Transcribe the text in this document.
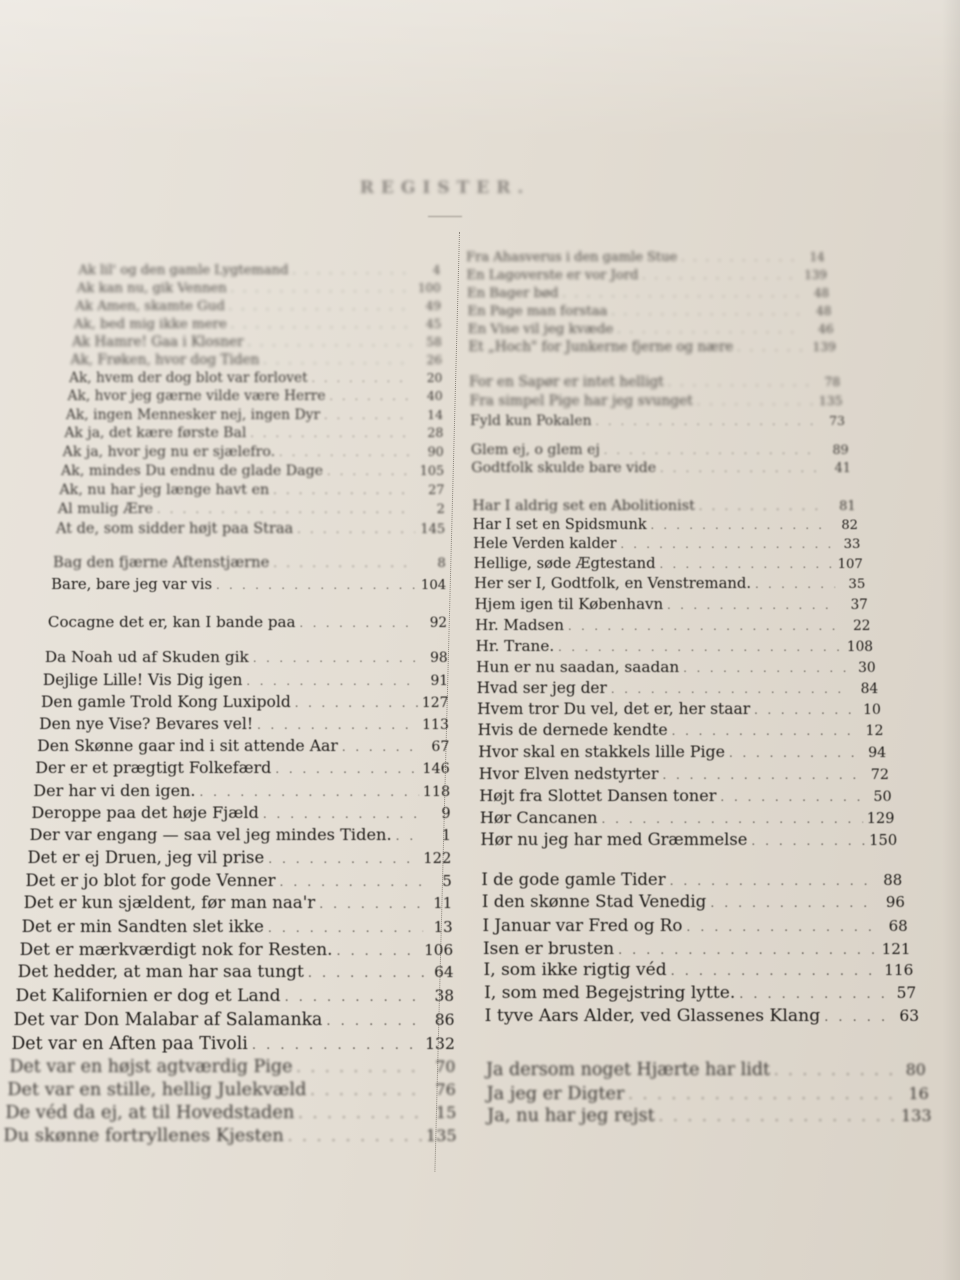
REGISTER.
Ak lil' og den gamle Lygtemand . . .	4
Ak kan nu, gik Vennen . . .	100
Ak Amen, skamte Gud . . .	49
Ak, bed mig ikke mere . . .	45
Ak Hamre! Gaa i Klosner . . .	58
Ak, Frøken, hvor dog Tiden . . .	26
Ak, hvem der dog blot var forlovet . . .	20
Ak, hvor jeg gærne vilde være Herre . . .	40
Ak, ingen Mennesker nej, ingen Dyr . . .	14
Ak ja, det kære første Bal . . .	28
Ak ja, hvor jeg nu er sjælefro. . . .	90
Ak, mindes Du endnu de glade Dage . . .	105
Ak, nu har jeg længe havt en . . .	27
Al mulig Ære . . .	2
At de, som sidder højt paa Straa . . .	145
Bag den fjærne Aftenstjærne . . .	8
Bare, bare jeg var vis . . .	104
Cocagne det er, kan I bande paa . . .	92
Da Noah ud af Skuden gik . . .	98
Dejlige Lille! Vis Dig igen . . .	91
Den gamle Trold Kong Luxipold . . .	127
Den nye Vise? Bevares vel! . . .	113
Den Skønne gaar ind i sit attende Aar . . .	67
Der er et prægtigt Folkefærd . . .	146
Der har vi den igen. . . .	118
Deroppe paa det høje Fjæld . . .	9
Der var engang — saa vel jeg mindes Tiden. . . .	1
Det er ej Druen, jeg vil prise . . .	122
Det er jo blot for gode Venner . . .	5
Det er kun sjældent, før man naa'r . . .	11
Det er min Sandten slet ikke . . .	13
Det er mærkværdigt nok for Resten. . . .	106
Det hedder, at man har saa tungt . . .	64
Det Kalifornien er dog et Land . . .	38
Det var Don Malabar af Salamanka . . .	86
Det var en Aften paa Tivoli . . .	132
Det var en højst agtværdig Pige . . .	70
Det var en stille, hellig Julekvæld . . .	76
De véd da ej, at til Hovedstaden . . .	15
Du skønne fortryllenes Kjesten . . .	135
Fra Ahasverus i den gamle Stue . . .	14
En Lagoverste er vor Jord . . .	139
En Bager bød . . .	48
En Page man forstaa . . .	48
En Vise vil jeg kvæde . . .	46
Et „Hoch" for Junkerne fjerne og nære . . .	139
For en Sapør er intet helligt . . .	78
Fra simpel Pige har jeg svunget . . .	135
Fyld kun Pokalen . . .	73
Glem ej, o glem ej . . .	89
Godtfolk skulde bare vide . . .	41
Har I aldrig set en Abolitionist . . .	81
Har I set en Spidsmunk . . .	82
Hele Verden kalder . . .	33
Hellige, søde Ægtestand . . .	107
Her ser I, Godtfolk, en Venstremand. . . .	35
Hjem igen til København . . .	37
Hr. Madsen . . .	22
Hr. Trane. . . .	108
Hun er nu saadan, saadan . . .	30
Hvad ser jeg der . . .	84
Hvem tror Du vel, det er, her staar . . .	10
Hvis de dernede kendte . . .	12
Hvor skal en stakkels lille Pige . . .	94
Hvor Elven nedstyrter . . .	72
Højt fra Slottet Dansen toner . . .	50
Hør Cancanen . . .	129
Hør nu jeg har med Græmmelse . . .	150
I de gode gamle Tider . . .	88
I den skønne Stad Venedig . . .	96
I Januar var Fred og Ro . . .	68
Isen er brusten . . .	121
I, som ikke rigtig véd . . .	116
I, som med Begejstring lytte. . . .	57
I tyve Aars Alder, ved Glassenes Klang . . .	63
Ja dersom noget Hjærte har lidt . . .	80
Ja jeg er Digter . . .	16
Ja, nu har jeg rejst . . .	133
